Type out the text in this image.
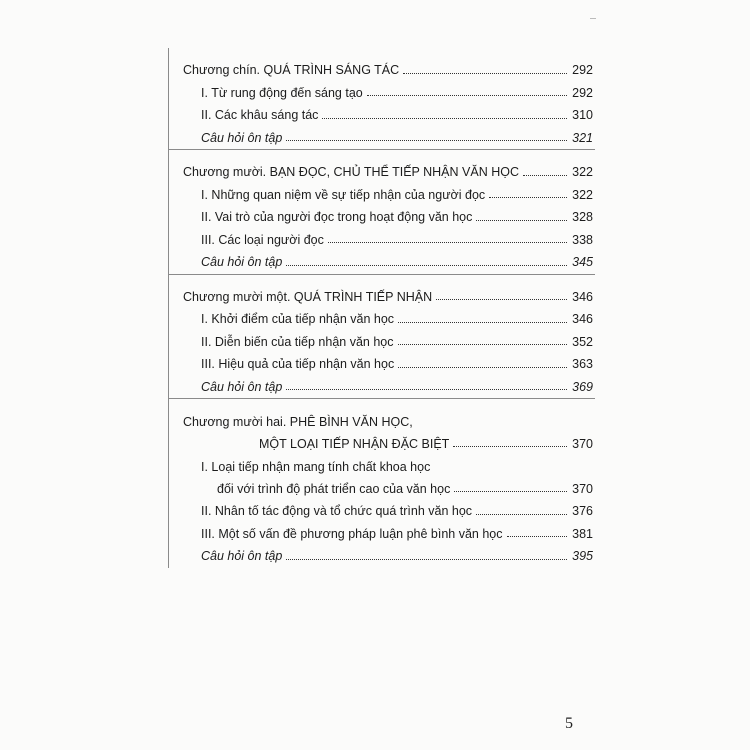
Chương chín. QUÁ TRÌNH SÁNG TÁC	292
I. Từ rung động đến sáng tạo	292
II. Các khâu sáng tác	310
Câu hỏi ôn tập	321
Chương mười. BẠN ĐỌC, CHỦ THỂ TIẾP NHẬN VĂN HỌC	322
I. Những quan niệm về sự tiếp nhận của người đọc	322
II. Vai trò của người đọc trong hoạt động văn học	328
III. Các loại người đọc	338
Câu hỏi ôn tập	345
Chương mười một. QUÁ TRÌNH TIẾP NHẬN	346
I. Khởi điểm của tiếp nhận văn học	346
II. Diễn biến của tiếp nhận văn học	352
III. Hiệu quả của tiếp nhận văn học	363
Câu hỏi ôn tập	369
Chương mười hai. PHÊ BÌNH VĂN HỌC,
MỘT LOẠI TIẾP NHẬN ĐẶC BIỆT	370
I. Loại tiếp nhận mang tính chất khoa học
đối với trình độ phát triển cao của văn học	370
II. Nhân tố tác động và tổ chức quá trình văn học	376
III. Một số vấn đề phương pháp luận phê bình văn học	381
Câu hỏi ôn tập	395
5
